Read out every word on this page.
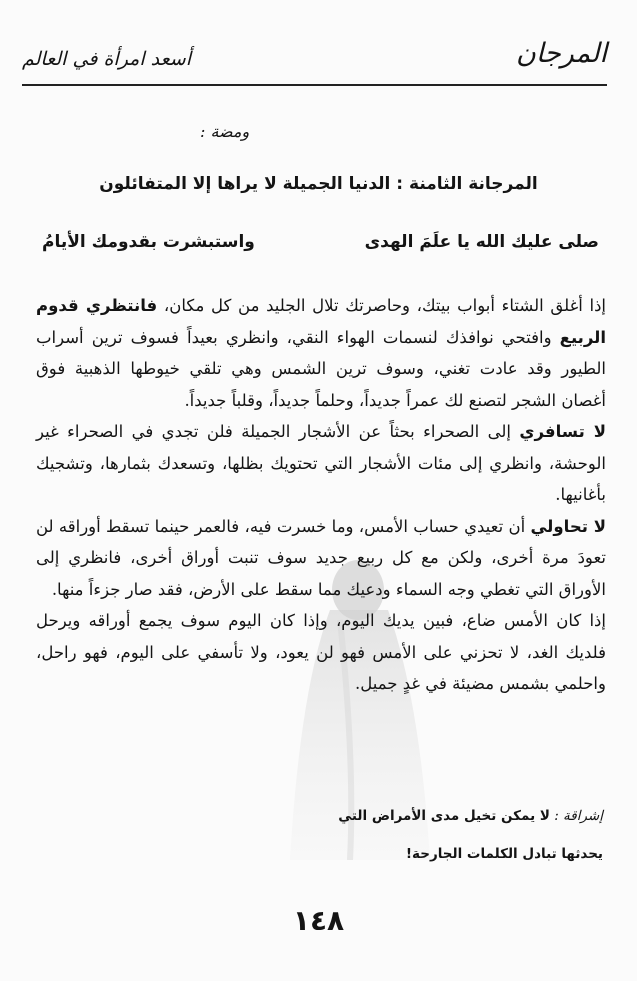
أسعد امرأة في العالم	المرجان
ومضة :
المرجانة الثامنة : الدنيا الجميلة لا يراها إلا المتفائلون
صلى عليك الله يا علَمَ الهدى
واستبشرت بقدومك الأيامُ

إذا أغلق الشتاء أبواب بيتك، وحاصرتك تلال الجليد من كل مكان، فانتظري قدوم الربيع وافتحي نوافذك لنسمات الهواء النقي، وانظري بعيداً فسوف ترين أسراب الطيور وقد عادت تغني، وسوف ترين الشمس وهي تلقي خيوطها الذهبية فوق أغصان الشجر لتصنع لك عمراً جديداً، وحلماً جديداً، وقلباً جديداً.

لا تسافري إلى الصحراء بحثاً عن الأشجار الجميلة فلن تجدي في الصحراء غير الوحشة، وانظري إلى مئات الأشجار التي تحتويك بظلها، وتسعدك بثمارها، وتشجيك بأغانيها.

لا تحاولي أن تعيدي حساب الأمس، وما خسرت فيه، فالعمر حينما تسقط أوراقه لن تعودَ مرة أخرى، ولكن مع كل ربيع جديد سوف تنبت أوراق أخرى، فانظري إلى الأوراق التي تغطي وجه السماء ودعيك مما سقط على الأرض، فقد صار جزءاً منها.

إذا كان الأمس ضاع، فبين يديك اليوم، وإذا كان اليوم سوف يجمع أوراقه ويرحل فلديك الغد، لا تحزني على الأمس فهو لن يعود، ولا تأسفي على اليوم، فهو راحل، واحلمي بشمس مضيئة في غدٍ جميل.

إشراقة : لا يمكن تخيل مدى الأمراض التي
يحدثها تبادل الكلمات الجارحة!
١٤٨
